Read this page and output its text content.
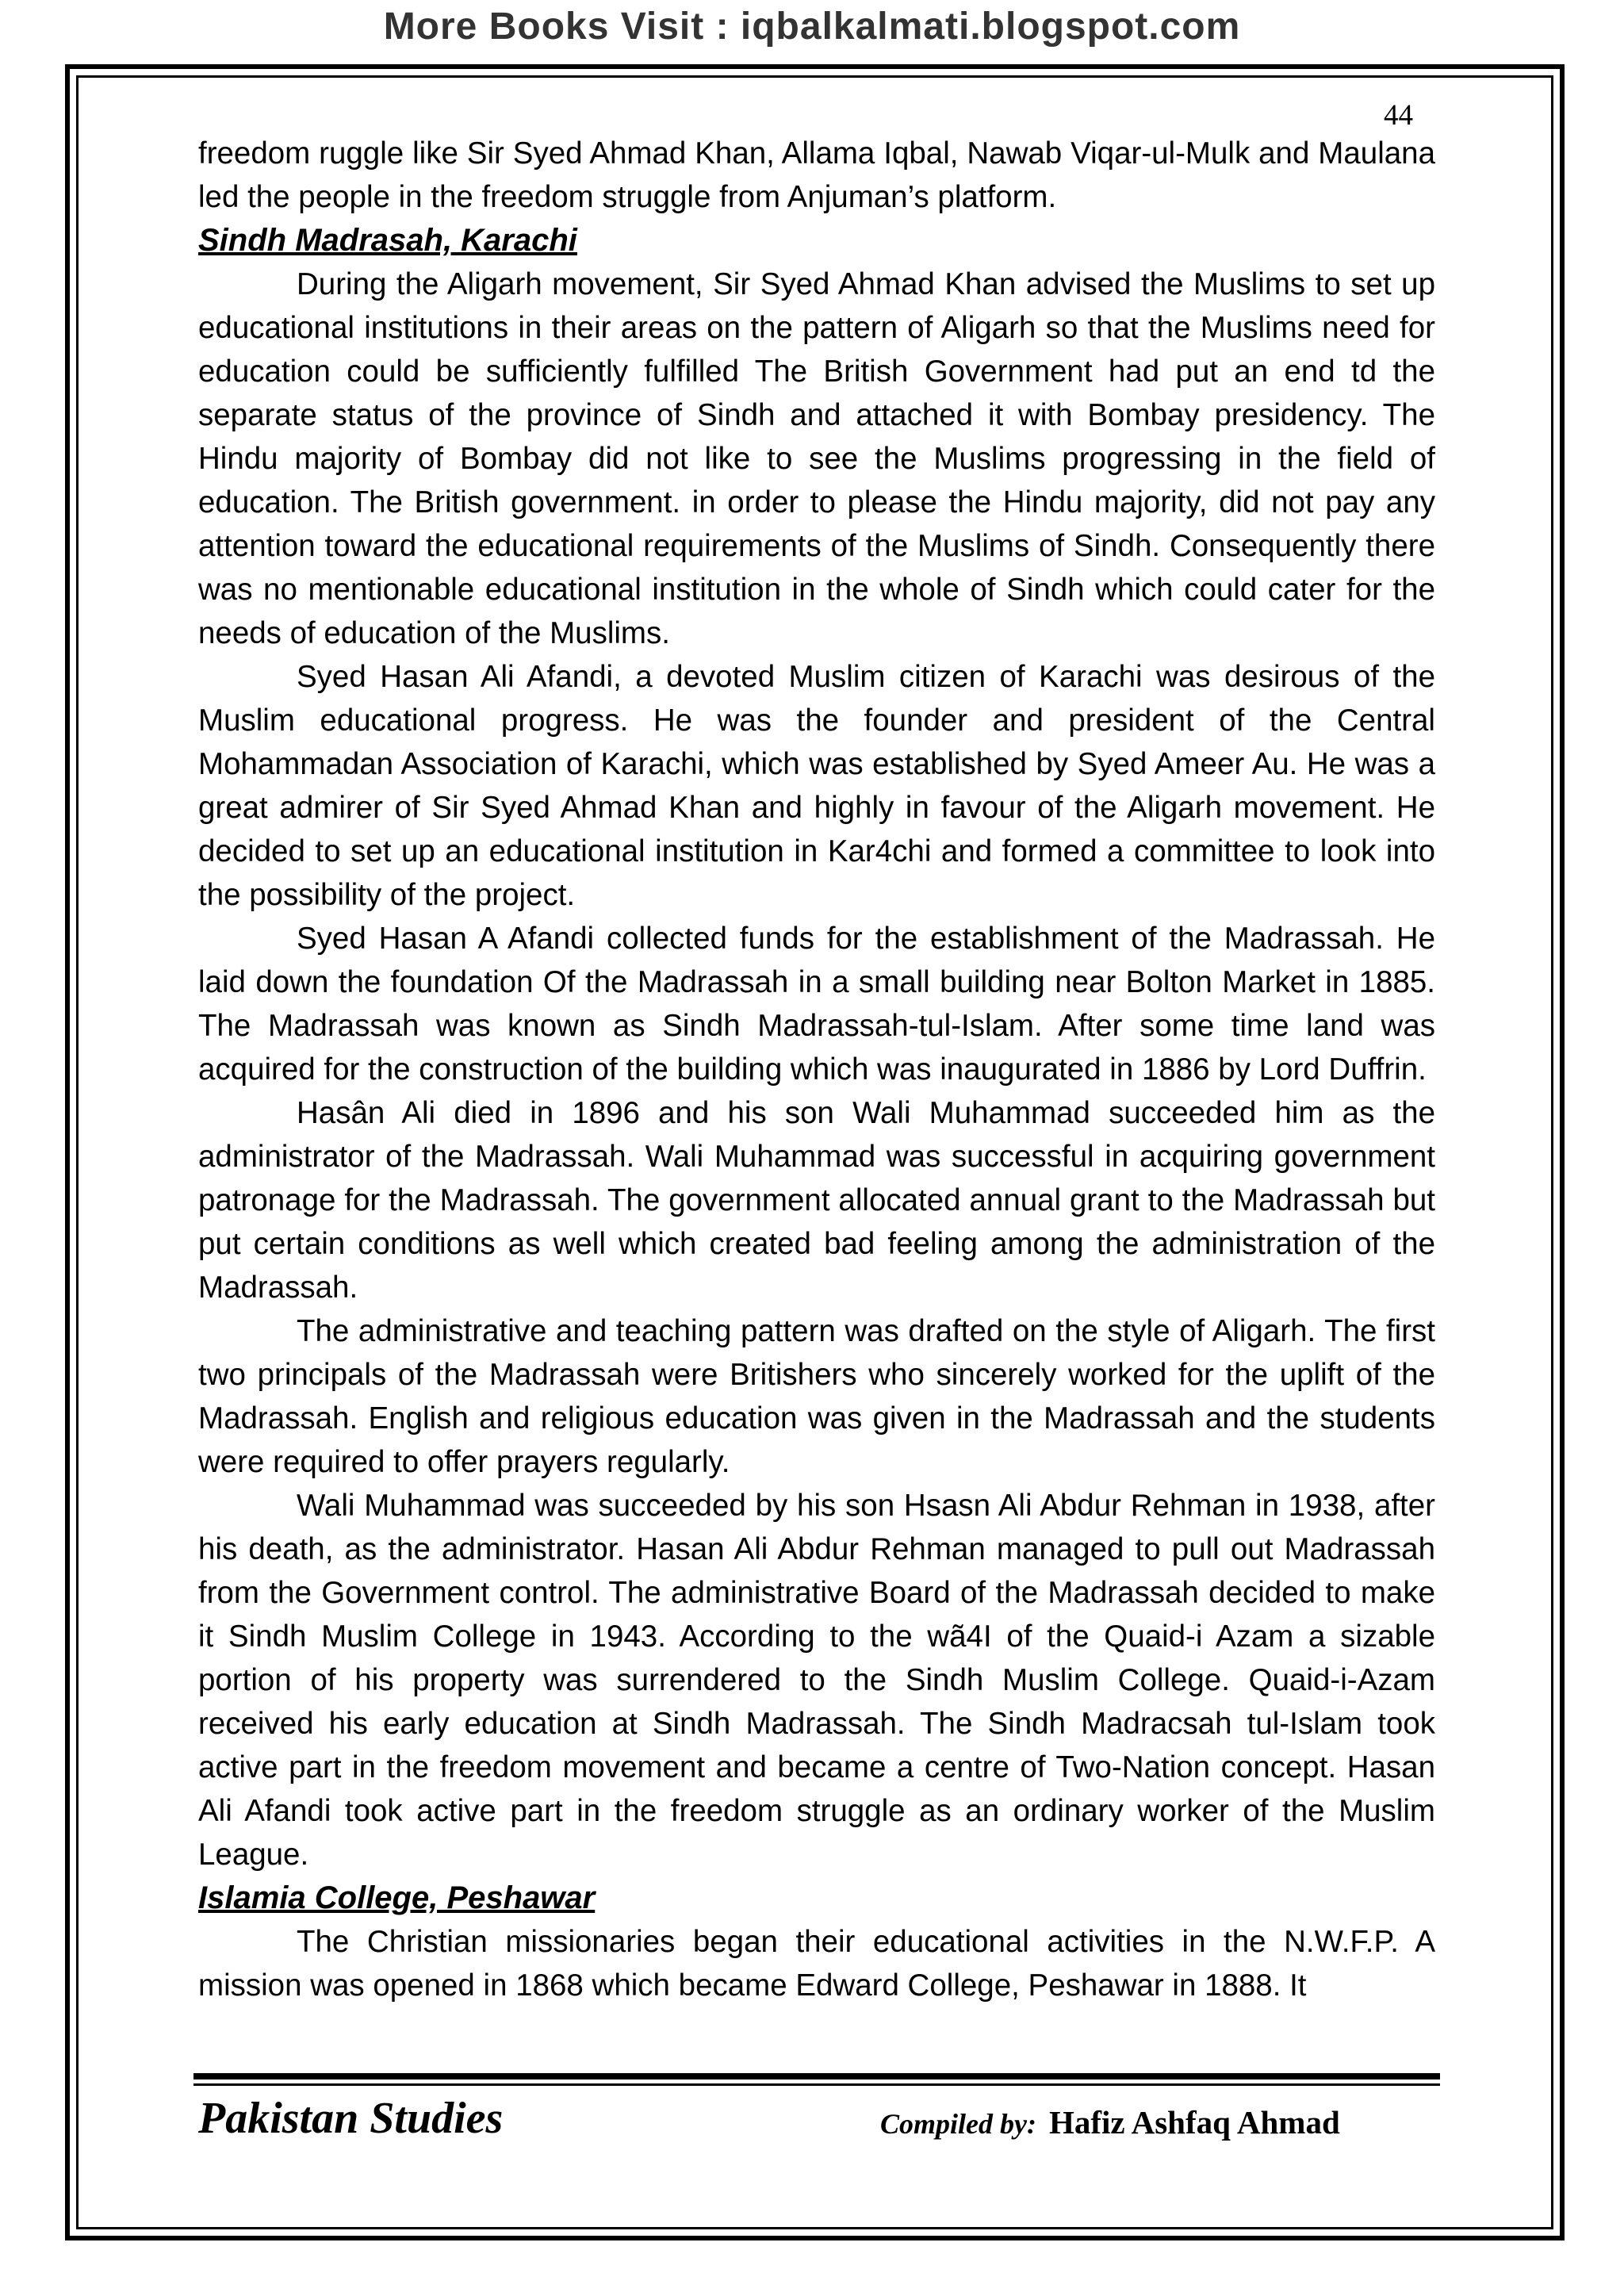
More Books Visit : iqbalkalmati.blogspot.com
44

freedom ruggle like Sir Syed Ahmad Khan, Allama Iqbal, Nawab Viqar-ul-Mulk and Maulana led the people in the freedom struggle from Anjuman’s platform.

Sindh Madrasah, Karachi

During the Aligarh movement, Sir Syed Ahmad Khan advised the Muslims to set up educational institutions in their areas on the pattern of Aligarh so that the Muslims need for education could be sufficiently fulfilled The British Government had put an end td the separate status of the province of Sindh and attached it with Bombay presidency. The Hindu majority of Bombay did not like to see the Muslims progressing in the field of education. The British government. in order to please the Hindu majority, did not pay any attention toward the educational requirements of the Muslims of Sindh. Consequently there was no mentionable educational institution in the whole of Sindh which could cater for the needs of education of the Muslims.

Syed Hasan Ali Afandi, a devoted Muslim citizen of Karachi was desirous of the Muslim educational progress. He was the founder and president of the Central Mohammadan Association of Karachi, which was established by Syed Ameer Au. He was a great admirer of Sir Syed Ahmad Khan and highly in favour of the Aligarh movement. He decided to set up an educational institution in Kar4chi and formed a committee to look into the possibility of the project.

Syed Hasan A Afandi collected funds for the establishment of the Madrassah. He laid down the foundation Of the Madrassah in a small building near Bolton Market in 1885. The Madrassah was known as Sindh Madrassah-tul-Islam. After some time land was acquired for the construction of the building which was inaugurated in 1886 by Lord Duffrin.

Hasân Ali died in 1896 and his son Wali Muhammad succeeded him as the administrator of the Madrassah. Wali Muhammad was successful in acquiring government patronage for the Madrassah. The government allocated annual grant to the Madrassah but put certain conditions as well which created bad feeling among the administration of the Madrassah.

The administrative and teaching pattern was drafted on the style of Aligarh. The first two principals of the Madrassah were Britishers who sincerely worked for the uplift of the Madrassah. English and religious education was given in the Madrassah and the students were required to offer prayers regularly.

Wali Muhammad was succeeded by his son Hsasn Ali Abdur Rehman in 1938, after his death, as the administrator. Hasan Ali Abdur Rehman managed to pull out Madrassah from the Government control. The administrative Board of the Madrassah decided to make it Sindh Muslim College in 1943. According to the wã4I of the Quaid-i Azam a sizable portion of his property was surrendered to the Sindh Muslim College. Quaid-i-Azam received his early education at Sindh Madrassah. The Sindh Madracsah tul-Islam took active part in the freedom movement and became a centre of Two-Nation concept. Hasan Ali Afandi took active part in the freedom struggle as an ordinary worker of the Muslim League.

Islamia College, Peshawar

The Christian missionaries began their educational activities in the N.W.F.P. A mission was opened in 1868 which became Edward College, Peshawar in 1888. It

Pakistan Studies	Compiled by: Hafiz Ashfaq Ahmad
